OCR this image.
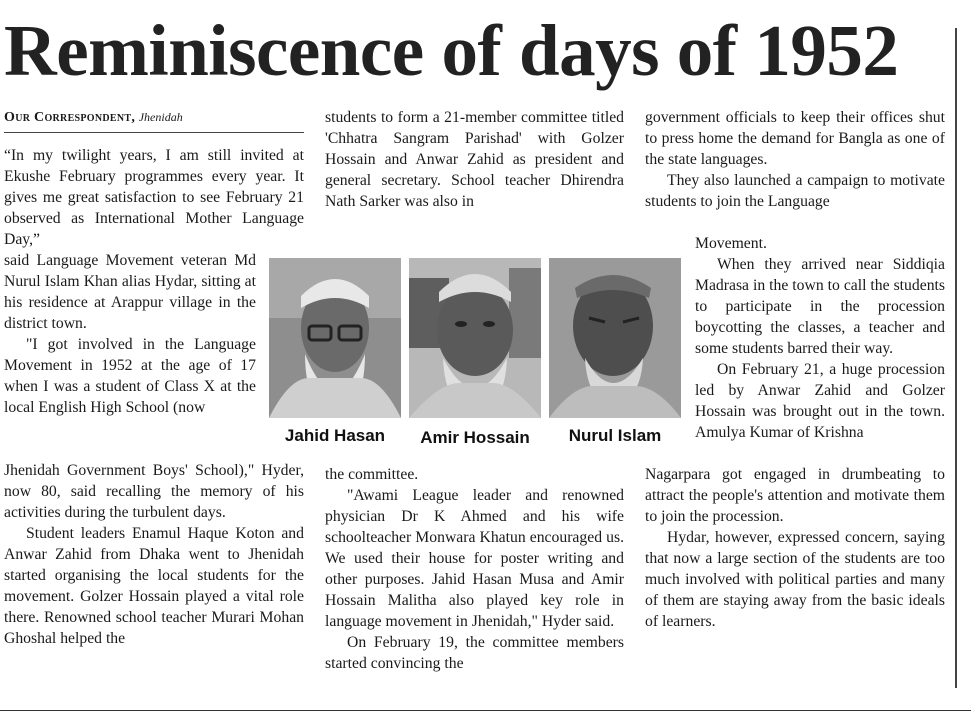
Reminiscence of days of 1952
Our Correspondent, Jhenidah

“In my twilight years, I am still invited at Ekushe February programmes every year. It gives me great satisfaction to see February 21 observed as International Mother Language Day,”

said Language Movement veteran Md Nurul Islam Khan alias Hydar, sitting at his residence at Arappur village in the district town.

"I got involved in the Language Movement in 1952 at the age of 17 when I was a student of Class X at the local English High School (now

Jhenidah Government Boys' School)," Hyder, now 80, said recalling the memory of his activities during the turbulent days.

Student leaders Enamul Haque Koton and Anwar Zahid from Dhaka went to Jhenidah started organising the local students for the movement. Golzer Hossain played a vital role there. Renowned school teacher Murari Mohan Ghoshal helped the

students to form a 21-member committee titled 'Chhatra Sangram Parishad' with Golzer Hossain and Anwar Zahid as president and general secretary. School teacher Dhirendra Nath Sarker was also in

the committee.

"Awami League leader and renowned physician Dr K Ahmed and his wife schoolteacher Monwara Khatun encouraged us. We used their house for poster writing and other purposes. Jahid Hasan Musa and Amir Hossain Malitha also played key role in language movement in Jhenidah," Hyder said.

On February 19, the committee members started convincing the

government officials to keep their offices shut to press home the demand for Bangla as one of the state languages.

They also launched a campaign to motivate students to join the Language

Movement.

When they arrived near Siddiqia Madrasa in the town to call the students to participate in the procession boycotting the classes, a teacher and some students barred their way.

On February 21, a huge procession led by Anwar Zahid and Golzer Hossain was brought out in the town. Amulya Kumar of Krishna

Nagarpara got engaged in drumbeating to attract the people's attention and motivate them to join the procession.

Hydar, however, expressed concern, saying that now a large section of the students are too much involved with political parties and many of them are staying away from the basic ideals of learners.

Jahid Hasan	Amir Hossain	Nurul Islam
